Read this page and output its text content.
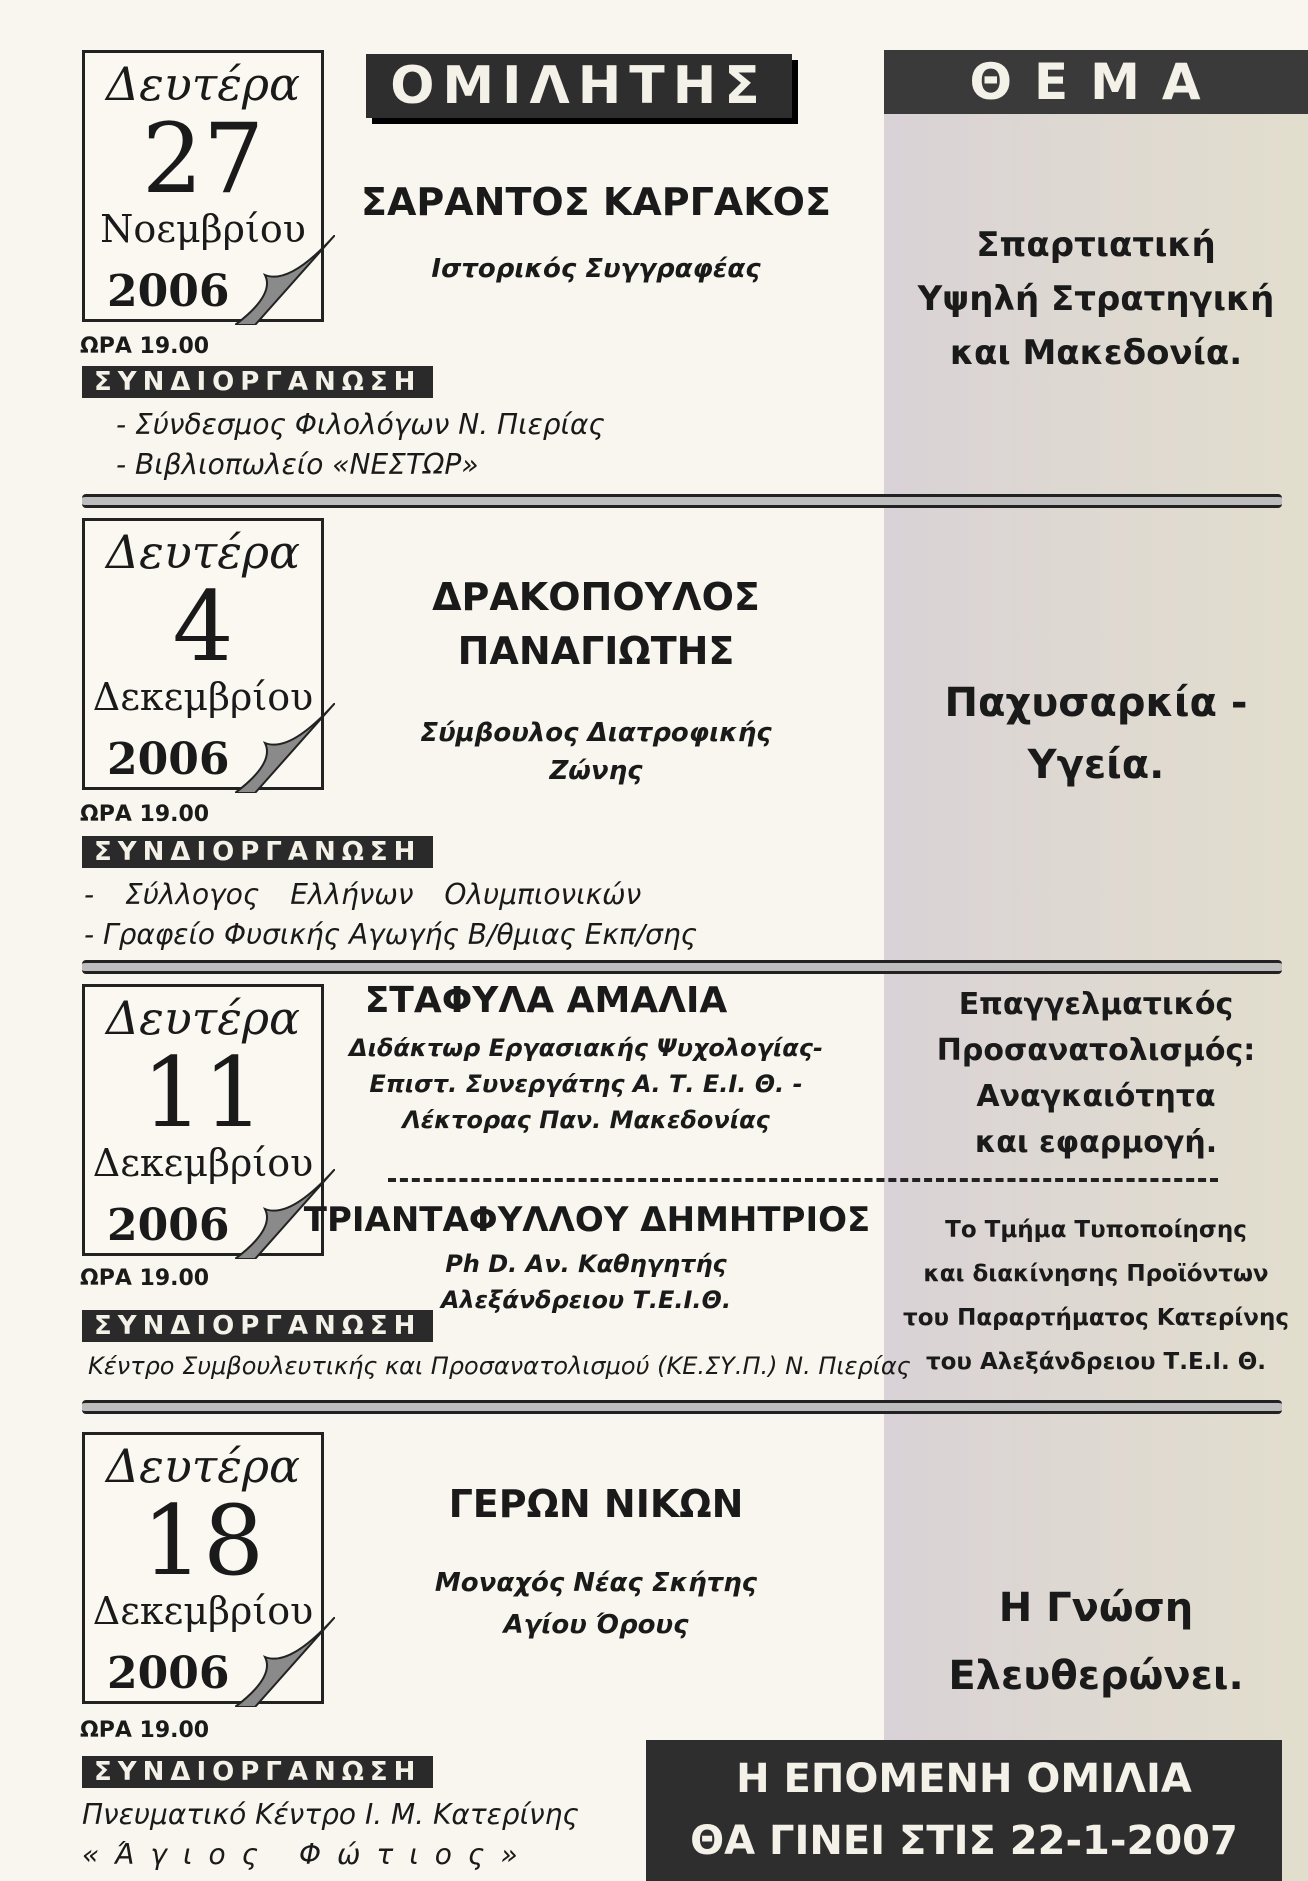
ΘΕΜΑ
ΟΜΙΛΗΤΗΣ
Δευτέρα
27
Νοεμβρίου
2006
ΩΡΑ 19.00
ΣΥΝΔΙΟΡΓΑΝΩΣΗ
- Σύνδεσμος Φιλολόγων Ν. Πιερίας
- Βιβλιοπωλείο «ΝΕΣΤΩΡ»
ΣΑΡΑΝΤΟΣ ΚΑΡΓΑΚΟΣ
Ιστορικός Συγγραφέας
Σπαρτιατική
Υψηλή Στρατηγική
και Μακεδονία.
Δευτέρα
4
Δεκεμβρίου
2006
ΩΡΑ 19.00
ΣΥΝΔΙΟΡΓΑΝΩΣΗ
- Σύλλογος Ελλήνων Ολυμπιονικών
- Γραφείο Φυσικής Αγωγής Β/θμιας Εκπ/σης
ΔΡΑΚΟΠΟΥΛΟΣ
ΠΑΝΑΓΙΩΤΗΣ
Σύμβουλος Διατροφικής
Ζώνης
Παχυσαρκία -
Υγεία.
Δευτέρα
11
Δεκεμβρίου
2006
ΩΡΑ 19.00
ΣΥΝΔΙΟΡΓΑΝΩΣΗ
Κέντρο Συμβουλευτικής και Προσανατολισμού (ΚΕ.ΣΥ.Π.) Ν. Πιερίας
ΣΤΑΦΥΛΑ ΑΜΑΛΙΑ
Διδάκτωρ Εργασιακής Ψυχολογίας-
Επιστ. Συνεργάτης Α. Τ. Ε.Ι. Θ. -
Λέκτορας Παν. Μακεδονίας
Επαγγελματικός
Προσανατολισμός:
Αναγκαιότητα
και εφαρμογή.
ΤΡΙΑΝΤΑΦΥΛΛΟΥ ΔΗΜΗΤΡΙΟΣ
Ph D. Αν. Καθηγητής
Αλεξάνδρειου Τ.Ε.Ι.Θ.
Το Τμήμα Τυποποίησης
και διακίνησης Προϊόντων
του Παραρτήματος Κατερίνης
του Αλεξάνδρειου Τ.Ε.Ι. Θ.
Δευτέρα
18
Δεκεμβρίου
2006
ΩΡΑ 19.00
ΣΥΝΔΙΟΡΓΑΝΩΣΗ
Πνευματικό Κέντρο Ι. Μ. Κατερίνης
«Άγιος Φώτιος»
ΓΕΡΩΝ ΝΙΚΩΝ
Μοναχός Νέας Σκήτης
Αγίου Όρους	Η Γνώση
Ελευθερώνει.
Η ΕΠΟΜΕΝΗ ΟΜΙΛΙΑ
ΘΑ ΓΙΝΕΙ ΣΤΙΣ 22-1-2007
